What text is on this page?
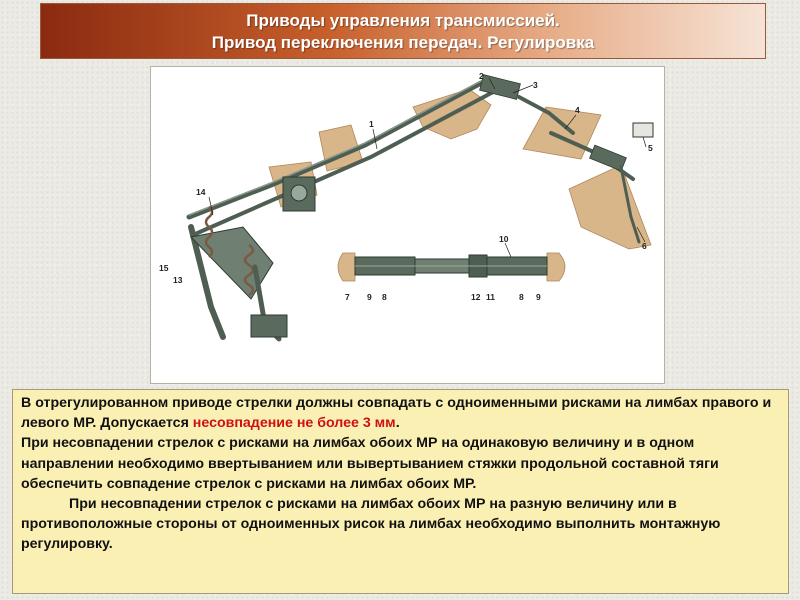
Приводы управления трансмиссией.
Привод переключения передач. Регулировка
1
2
3
4
5
6
7	8
9
10
11
12	8 9
13
14
15

В отрегулированном приводе стрелки должны совпадать с одноименными рисками на лимбах правого и левого МР. Допускается несовпадение не более 3 мм.

При несовпадении стрелок с рисками на лимбах обоих МР на одинаковую величину и в одном направлении необходимо ввертыванием или вывертыванием стяжки продольной составной тяги обеспечить совпадение стрелок с рисками на лимбах обоих МР.

При несовпадении стрелок с рисками на лимбах обоих МР на разную величину или в противоположные стороны от одноименных рисок на лимбах необходимо выполнить монтажную регулировку.
